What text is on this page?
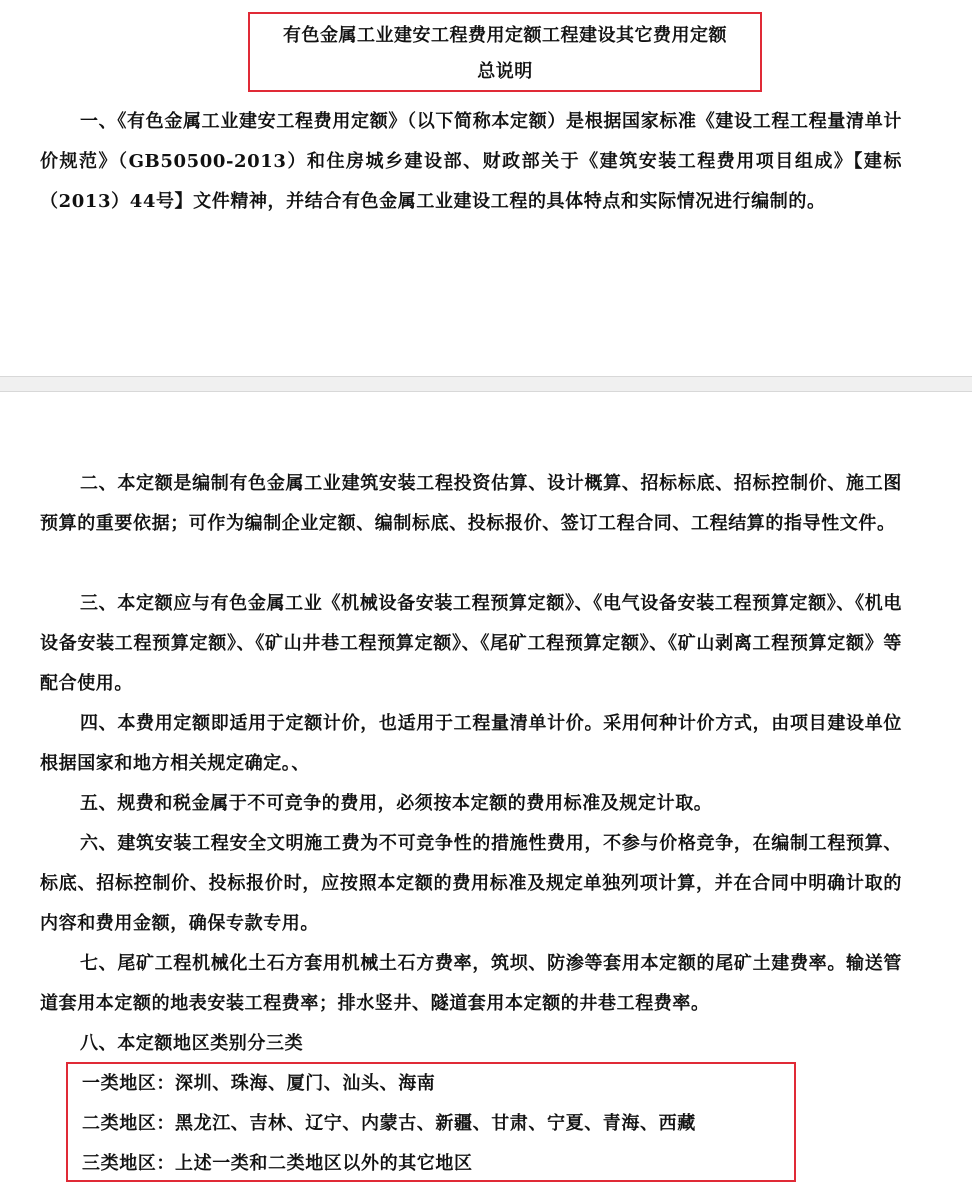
有色金属工业建安工程费用定额工程建设其它费用定额
总说明

一、《有色金属工业建安工程费用定额》（以下简称本定额）是根据国家标准《建设工程工程量清单计价规范》（GB50500-2013）和住房城乡建设部、财政部关于《建筑安装工程费用项目组成》【建标（2013）44号】文件精神，并结合有色金属工业建设工程的具体特点和实际情况进行编制的。

二、本定额是编制有色金属工业建筑安装工程投资估算、设计概算、招标标底、招标控制价、施工图预算的重要依据；可作为编制企业定额、编制标底、投标报价、签订工程合同、工程结算的指导性文件。

三、本定额应与有色金属工业《机械设备安装工程预算定额》、《电气设备安装工程预算定额》、《机电设备安装工程预算定额》、《矿山井巷工程预算定额》、《尾矿工程预算定额》、《矿山剥离工程预算定额》等配合使用。

四、本费用定额即适用于定额计价，也适用于工程量清单计价。采用何种计价方式，由项目建设单位根据国家和地方相关规定确定。、

五、规费和税金属于不可竞争的费用，必须按本定额的费用标准及规定计取。

六、建筑安装工程安全文明施工费为不可竞争性的措施性费用，不参与价格竞争，在编制工程预算、标底、招标控制价、投标报价时，应按照本定额的费用标准及规定单独列项计算，并在合同中明确计取的内容和费用金额，确保专款专用。

七、尾矿工程机械化土石方套用机械土石方费率，筑坝、防渗等套用本定额的尾矿土建费率。输送管道套用本定额的地表安装工程费率；排水竖井、隧道套用本定额的井巷工程费率。

八、本定额地区类别分三类

一类地区：深圳、珠海、厦门、汕头、海南
二类地区：黑龙江、吉林、辽宁、内蒙古、新疆、甘肃、宁夏、青海、西藏
三类地区：上述一类和二类地区以外的其它地区
